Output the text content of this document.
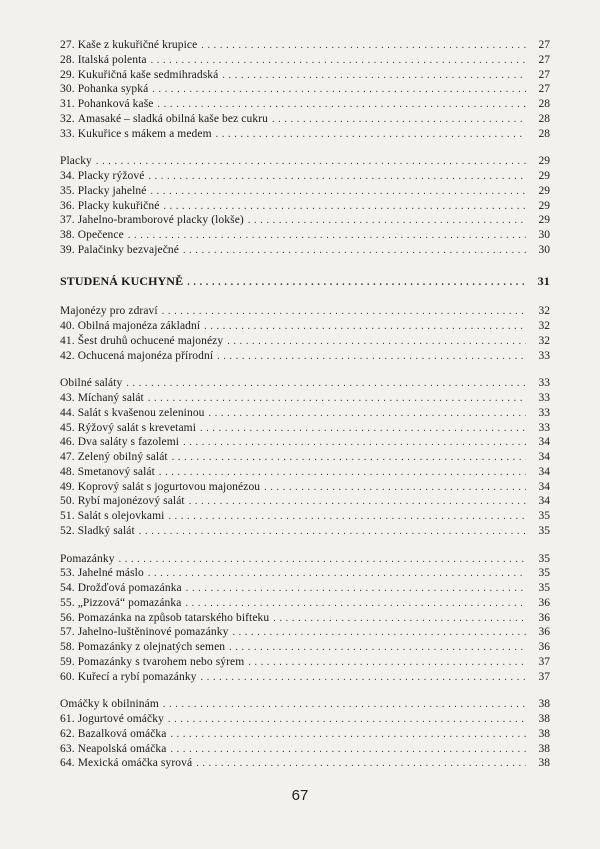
27. Kaše z kukuřičné krupice . . .	27
28. Italská polenta . . .	27
29. Kukuřičná kaše sedmihradská . . .	27
30. Pohanka sypká . . .	27
31. Pohanková kaše . . .	28
32. Amasaké – sladká obilná kaše bez cukru . . .	28
33. Kukuřice s mákem a medem . . .	28
Placky . . .	29
34. Placky rýžové . . .	29
35. Placky jahelné . . .	29
36. Placky kukuřičné . . .	29
37. Jahelno-bramborové placky (lokše) . . .	29
38. Opečence . . .	30
39. Palačinky bezvaječné . . .	30
STUDENÁ KUCHYNĚ . . .	31
Majonézy pro zdraví . . .	32
40. Obilná majonéza základní . . .	32
41. Šest druhů ochucené majonézy . . .	32
42. Ochucená majonéza přírodní . . .	33
Obilné saláty . . .	33
43. Míchaný salát . . .	33
44. Salát s kvašenou zeleninou . . .	33
45. Rýžový salát s krevetami . . .	33
46. Dva saláty s fazolemi . . .	34
47. Zelený obilný salát . . .	34
48. Smetanový salát . . .	34
49. Koprový salát s jogurtovou majonézou . . .	34
50. Rybí majonézový salát . . .	34
51. Salát s olejovkami . . .	35
52. Sladký salát . . .	35
Pomazánky . . .	35
53. Jahelné máslo . . .	35
54. Drožďová pomazánka . . .	35
55. „Pizzová“ pomazánka . . .	36
56. Pomazánka na způsob tatarského bifteku . . .	36
57. Jahelno-luštěninové pomazánky . . .	36
58. Pomazánky z olejnatých semen . . .	36
59. Pomazánky s tvarohem nebo sýrem . . .	37
60. Kuřecí a rybí pomazánky . . .	37
Omáčky k obilninám . . .	38
61. Jogurtové omáčky . . .	38
62. Bazalková omáčka . . .	38
63. Neapolská omáčka . . .	38
64. Mexická omáčka syrová . . .	38
67
